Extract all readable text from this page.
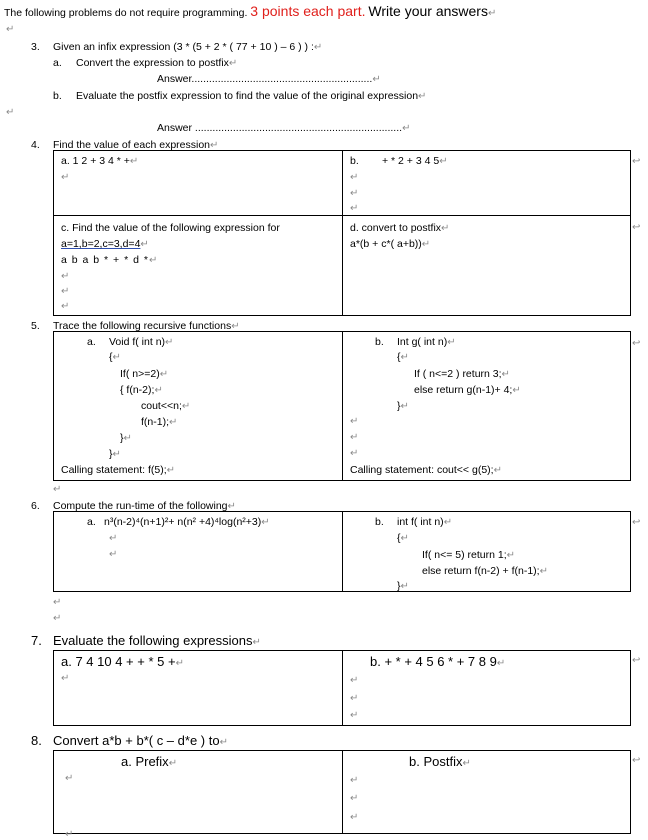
The following problems do not require programming. 3 points each part. Write your answers↵
↵
3. Given an infix expression (3 * (5 + 2 * ( 77 + 10 ) – 6 ) ) :↵
a. Convert the expression to postfix↵
Answer..............................................................↵
b. Evaluate the postfix expression to find the value of the original expression↵
↵
Answer .......................................................................↵
4. Find the value of each expression↵
a. 1 2 + 3 4 * +↵
↵
b. + * 2 + 3 4 5↵
↵
↵
↵
↩
c. Find the value of the following expression for
a=1,b=2,c=3,d=4↵
a b a b * + * d *↵
↵
↵
↵
d. convert to postfix↵
a*(b + c*( a+b))↵
↩
5. Trace the following recursive functions↵
a. Void f( int n)↵
{↵
If( n>=2)↵
{ f(n-2);↵
cout<<n;↵
f(n-1);↵
}↵
}↵
Calling statement: f(5);↵
b. Int g( int n)↵
{↵
If ( n<=2 ) return 3;↵
else return g(n-1)+ 4;↵
}↵
↵
↵
↵
Calling statement: cout<< g(5);↵
↩
↵
6. Compute the run-time of the following↵
a. n³(n-2)⁴(n+1)²+ n(n² +4)⁴log(n²+3)↵
↵
↵
b. int f( int n)↵
{↵
If( n<= 5) return 1;↵
else return f(n-2) + f(n-1);↵
}↵
↩
↵
↵
7. Evaluate the following expressions↵
a. 7 4 10 4 + + * 5 +↵
↵
b. + * + 4 5 6 * + 7 8 9↵
↵
↵
↵
↩
8. Convert a*b + b*( c – d*e ) to↵
a. Prefix↵
↵
b. Postfix↵
↵
↵
↵
↩
↵
